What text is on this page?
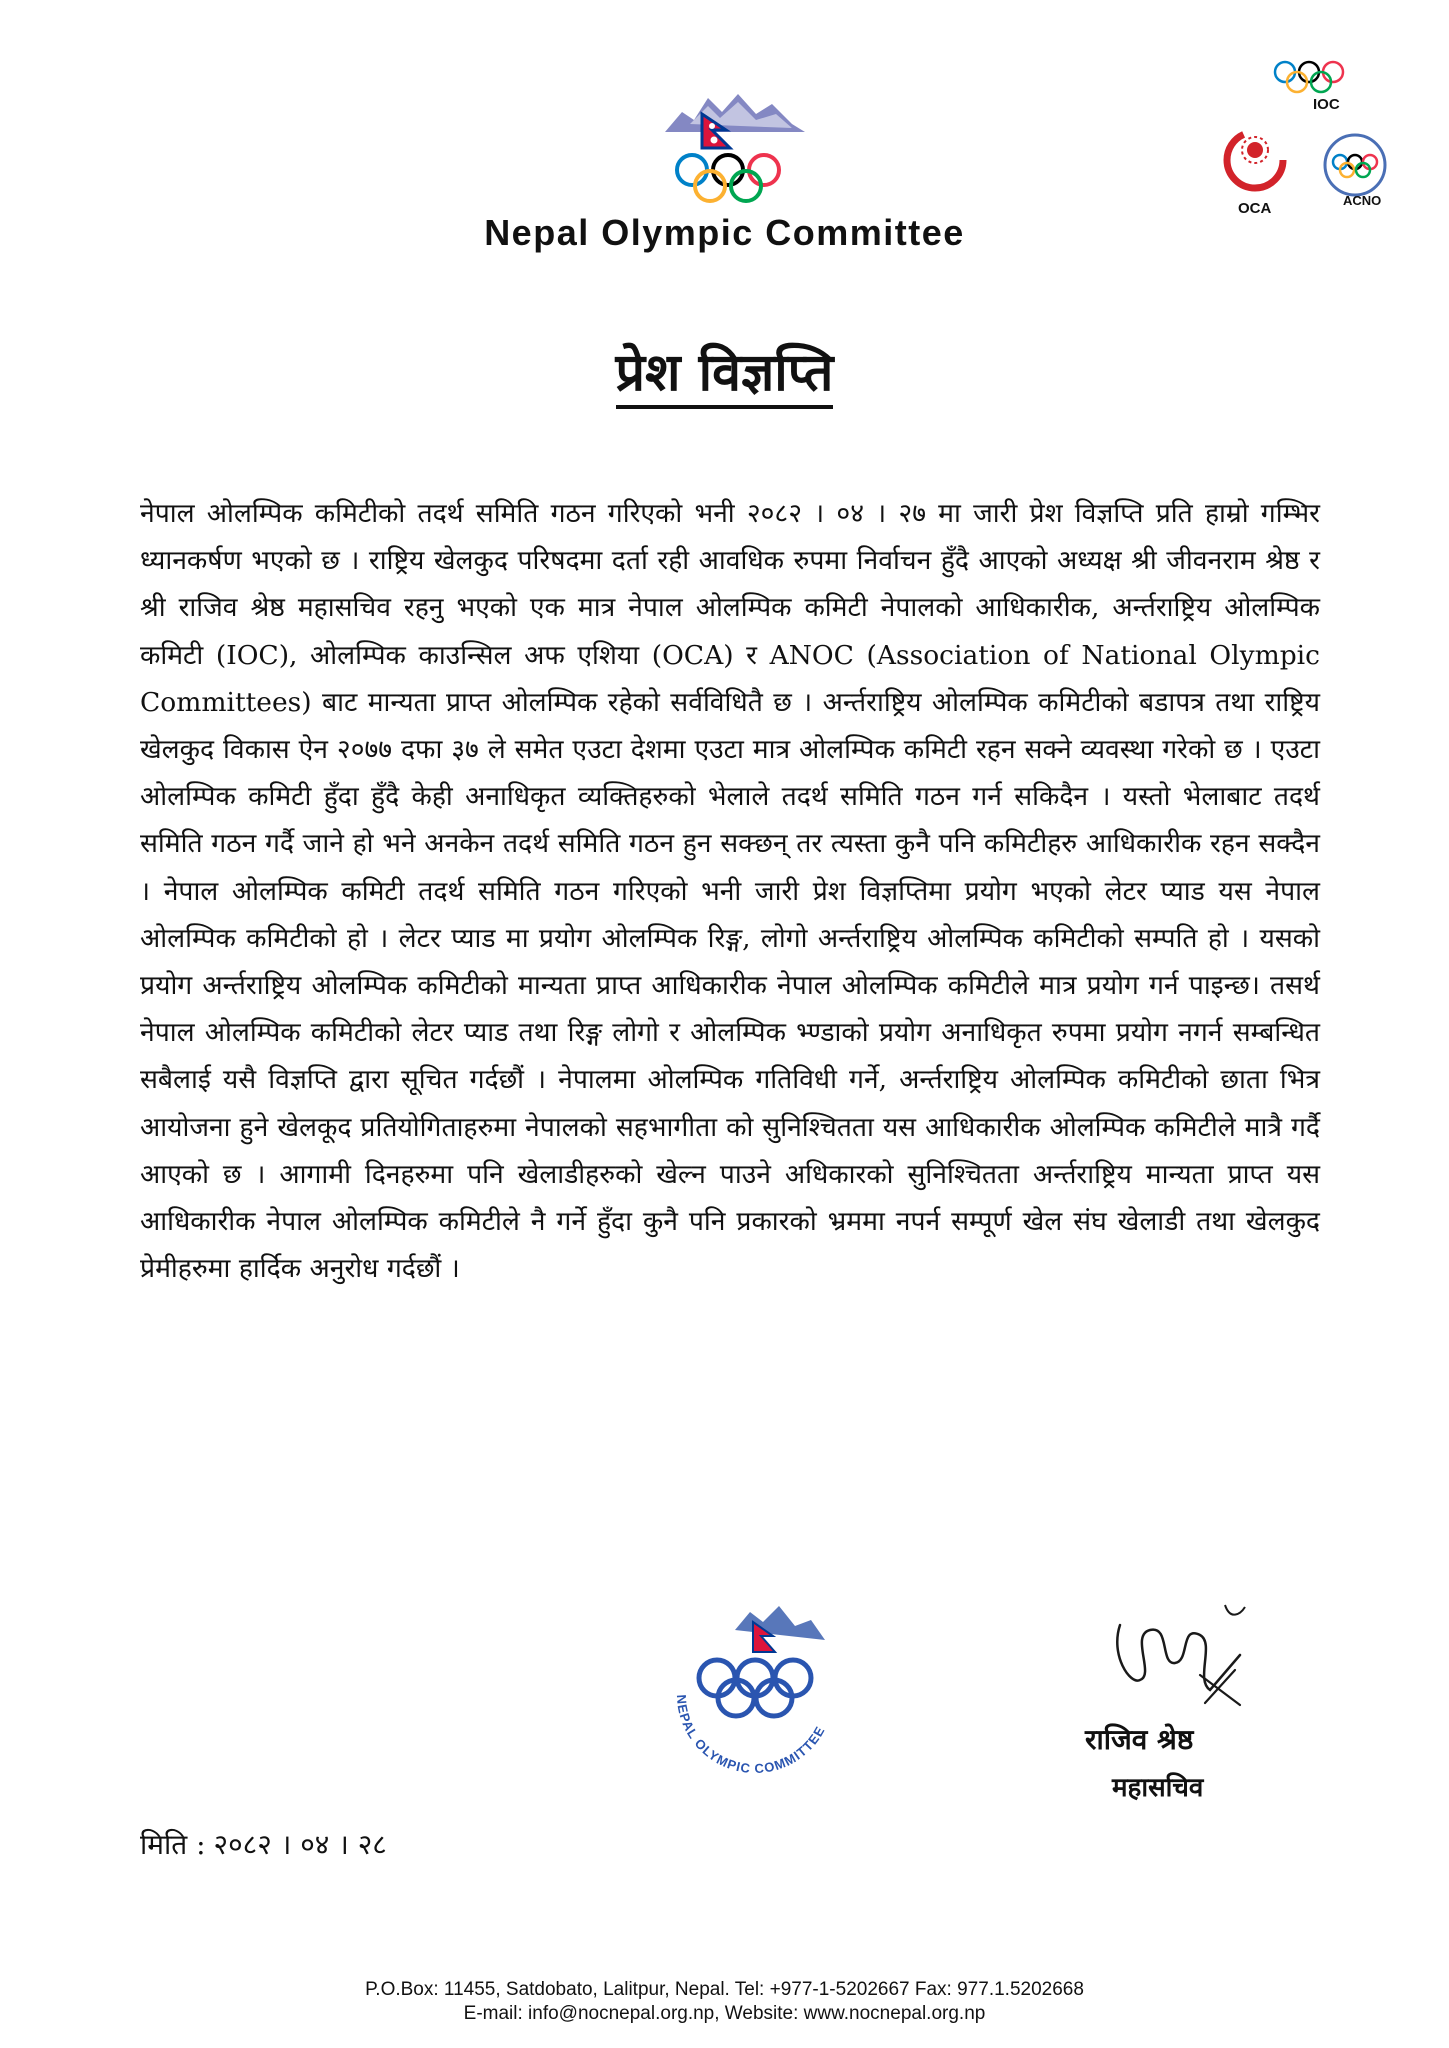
Nepal Olympic Committee
IOC
OCA	ACNO
प्रेश विज्ञप्ति
नेपाल ओलम्पिक कमिटीको तदर्थ समिति गठन गरिएको भनी २०८२ । ०४ । २७ मा जारी प्रेश विज्ञप्ति प्रति हाम्रो गम्भिर ध्यानकर्षण भएको छ । राष्ट्रिय खेलकुद परिषदमा दर्ता रही आवधिक रुपमा निर्वाचन हुँदै आएको अध्यक्ष श्री जीवनराम श्रेष्ठ र श्री राजिव श्रेष्ठ महासचिव रहनु भएको एक मात्र नेपाल ओलम्पिक कमिटी नेपालको आधिकारीक, अर्न्तराष्ट्रिय ओलम्पिक कमिटी (IOC), ओलम्पिक काउन्सिल अफ एशिया (OCA) र ANOC (Association of National Olympic Committees) बाट मान्यता प्राप्त ओलम्पिक रहेको सर्वविधितै छ । अर्न्तराष्ट्रिय ओलम्पिक कमिटीको बडापत्र तथा राष्ट्रिय खेलकुद विकास ऐन २०७७ दफा ३७ ले समेत एउटा देशमा एउटा मात्र ओलम्पिक कमिटी रहन सक्ने व्यवस्था गरेको छ । एउटा ओलम्पिक कमिटी हुँदा हुँदै केही अनाधिकृत व्यक्तिहरुको भेलाले तदर्थ समिति गठन गर्न सकिदैन । यस्तो भेलाबाट तदर्थ समिति गठन गर्दै जाने हो भने अनकेन तदर्थ समिति गठन हुन सक्छन् तर त्यस्ता कुनै पनि कमिटीहरु आधिकारीक रहन सक्दैन । नेपाल ओलम्पिक कमिटी तदर्थ समिति गठन गरिएको भनी जारी प्रेश विज्ञप्तिमा प्रयोग भएको लेटर प्याड यस नेपाल ओलम्पिक कमिटीको हो । लेटर प्याड मा प्रयोग ओलम्पिक रिङ्ग, लोगो अर्न्तराष्ट्रिय ओलम्पिक कमिटीको सम्पति हो । यसको प्रयोग अर्न्तराष्ट्रिय ओलम्पिक कमिटीको मान्यता प्राप्त आधिकारीक नेपाल ओलम्पिक कमिटीले मात्र प्रयोग गर्न पाइन्छ। तसर्थ नेपाल ओलम्पिक कमिटीको लेटर प्याड तथा रिङ्ग लोगो र ओलम्पिक भ्ण्डाको प्रयोग अनाधिकृत रुपमा प्रयोग नगर्न सम्बन्धित सबैलाई यसै विज्ञप्ति द्वारा सूचित गर्दछौं । नेपालमा ओलम्पिक गतिविधी गर्ने, अर्न्तराष्ट्रिय ओलम्पिक कमिटीको छाता भित्र आयोजना हुने खेलकूद प्रतियोगिताहरुमा नेपालको सहभागीता को सुनिश्चितता यस आधिकारीक ओलम्पिक कमिटीले मात्रै गर्दै आएको छ । आगामी दिनहरुमा पनि खेलाडीहरुको खेल्न पाउने अधिकारको सुनिश्चितता अर्न्तराष्ट्रिय मान्यता प्राप्त यस आधिकारीक नेपाल ओलम्पिक कमिटीले नै गर्ने हुँदा कुनै पनि प्रकारको भ्रममा नपर्न सम्पूर्ण खेल संघ खेलाडी तथा खेलकुद प्रेमीहरुमा हार्दिक अनुरोध गर्दछौं ।
NEPAL OLYMPIC COMMITTEE	राजिव श्रेष्ठ
महासचिव
मिति : २०८२ । ०४ । २८
P.O.Box: 11455, Satdobato, Lalitpur, Nepal. Tel: +977-1-5202667 Fax: 977.1.5202668
E-mail: info@nocnepal.org.np, Website: www.nocnepal.org.np
